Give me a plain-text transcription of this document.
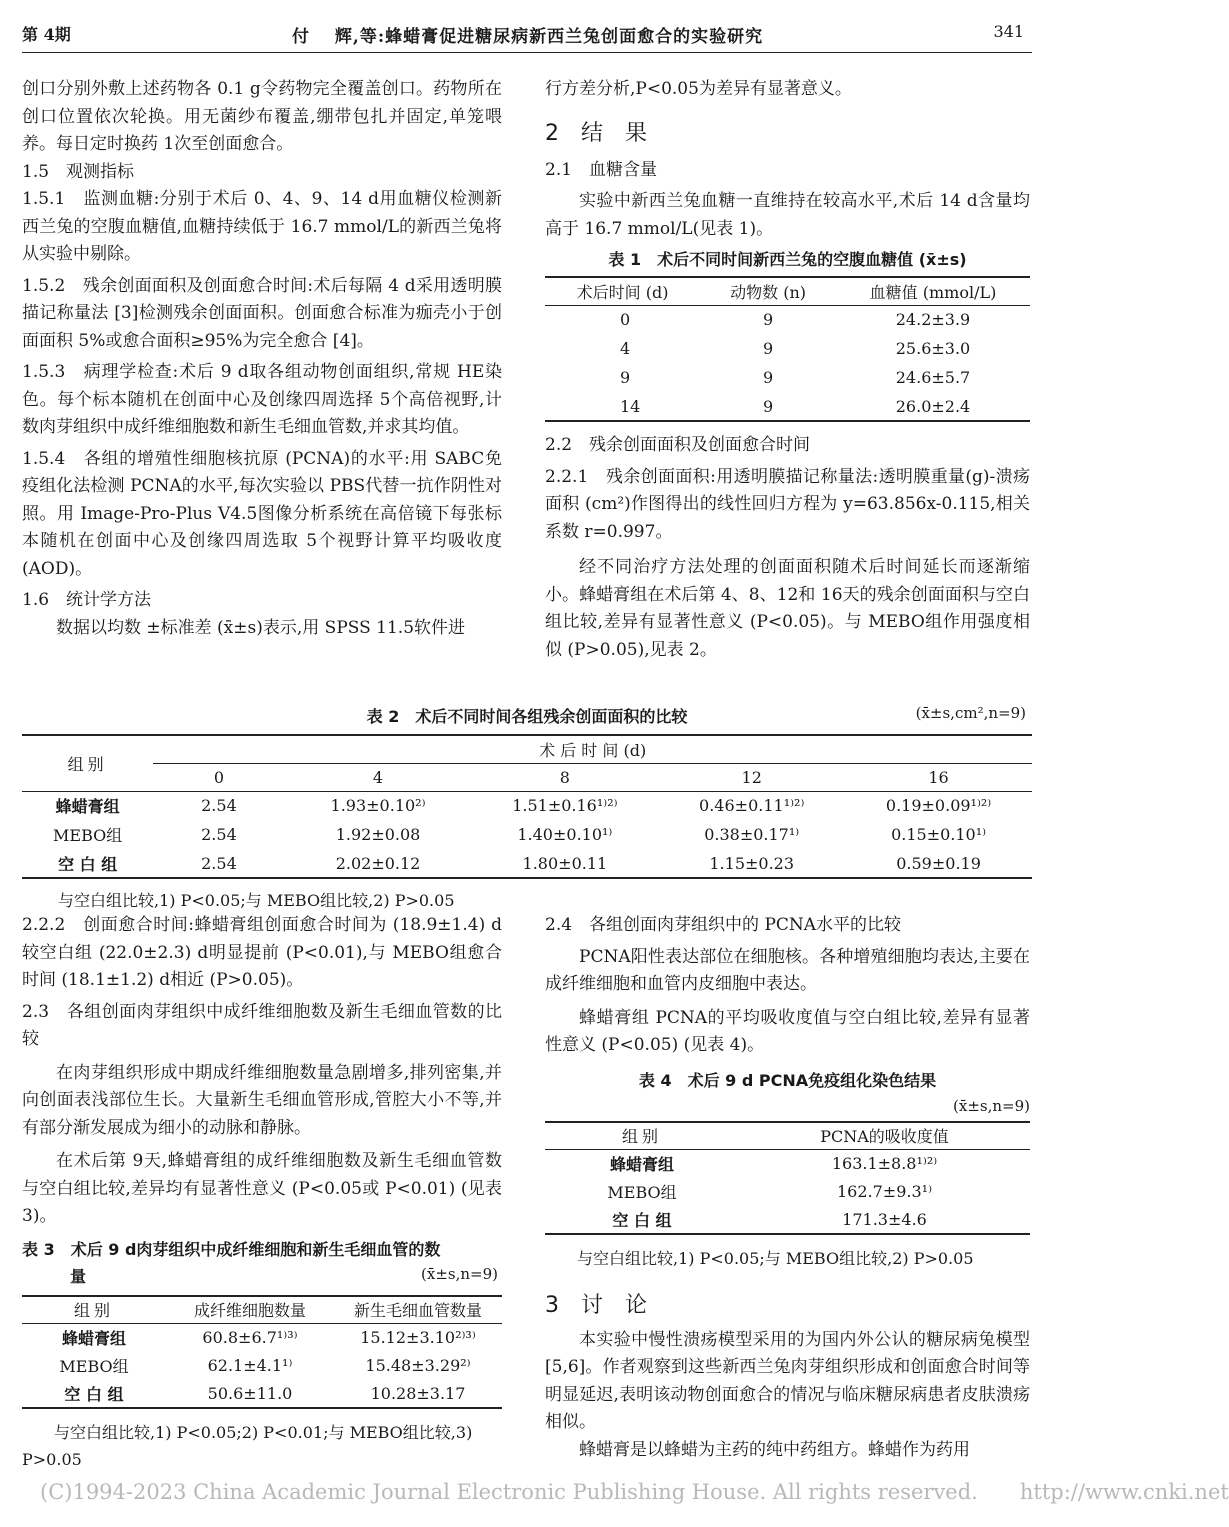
第 4期	付 　辉,等:蜂蜡膏促进糖尿病新西兰兔创面愈合的实验研究	341

创口分别外敷上述药物各 0.1 g令药物完全覆盖创口。药物所在创口位置依次轮换。用无菌纱布覆盖,绷带包扎并固定,单笼喂养。每日定时换药 1次至创面愈合。

1.5　观测指标

1.5.1　监测血糖:分别于术后 0、4、9、14 d用血糖仪检测新西兰兔的空腹血糖值,血糖持续低于 16.7 mmol/L的新西兰兔将从实验中剔除。

1.5.2　残余创面面积及创面愈合时间:术后每隔 4 d采用透明膜描记称量法 [3]检测残余创面面积。创面愈合标准为痂壳小于创面面积 5%或愈合面积≥95%为完全愈合 [4]。

1.5.3　病理学检查:术后 9 d取各组动物创面组织,常规 HE染色。每个标本随机在创面中心及创缘四周选择 5个高倍视野,计数肉芽组织中成纤维细胞数和新生毛细血管数,并求其均值。

1.5.4　各组的增殖性细胞核抗原 (PCNA)的水平:用 SABC免疫组化法检测 PCNA的水平,每次实验以 PBS代替一抗作阴性对照。用 Image-Pro-Plus V4.5图像分析系统在高倍镜下每张标本随机在创面中心及创缘四周选取 5个视野计算平均吸收度(AOD)。

1.6　统计学方法

数据以均数 ±标准差 (x̄±s)表示,用 SPSS 11.5软件进

行方差分析,P<0.05为差异有显著意义。

2　结　果

2.1　血糖含量

实验中新西兰兔血糖一直维持在较高水平,术后 14 d含量均高于 16.7 mmol/L(见表 1)。

表 1　术后不同时间新西兰兔的空腹血糖值 (x̄±s)

术后时间 (d)	动物数 (n)	血糖值 (mmol/L)
0	9	24.2±3.9
4	9	25.6±3.0
9	9	24.6±5.7
14	9	26.0±2.4

2.2　残余创面面积及创面愈合时间

2.2.1　残余创面面积:用透明膜描记称量法:透明膜重量(g)-溃疡面积 (cm²)作图得出的线性回归方程为 y=63.856x-0.115,相关系数 r=0.997。

经不同治疗方法处理的创面面积随术后时间延长而逐渐缩小。蜂蜡膏组在术后第 4、8、12和 16天的残余创面面积与空白组比较,差异有显著性意义 (P<0.05)。与 MEBO组作用强度相似 (P>0.05),见表 2。

表 2　术后不同时间各组残余创面面积的比较	(x̄±s,cm²,n=9)

组别	术 后 时 间 (d)				
	0	4	8	12	16
蜂蜡膏组	2.54	1.93±0.10²⁾	1.51±0.16¹⁾²⁾	0.46±0.11¹⁾²⁾	0.19±0.09¹⁾²⁾
MEBO组	2.54	1.92±0.08	1.40±0.10¹⁾	0.38±0.17¹⁾	0.15±0.10¹⁾
空 白 组	2.54	2.02±0.12	1.80±0.11	1.15±0.23	0.59±0.19

与空白组比较,1) P<0.05;与 MEBO组比较,2) P>0.05

2.2.2　创面愈合时间:蜂蜡膏组创面愈合时间为 (18.9±1.4) d较空白组 (22.0±2.3) d明显提前 (P<0.01),与 MEBO组愈合时间 (18.1±1.2) d相近 (P>0.05)。

2.3　各组创面肉芽组织中成纤维细胞数及新生毛细血管数的比较

在肉芽组织形成中期成纤维细胞数量急剧增多,排列密集,并向创面表浅部位生长。大量新生毛细血管形成,管腔大小不等,并有部分渐发展成为细小的动脉和静脉。

在术后第 9天,蜂蜡膏组的成纤维细胞数及新生毛细血管数与空白组比较,差异均有显著性意义 (P<0.05或 P<0.01) (见表 3)。

表 3　术后 9 d肉芽组织中成纤维细胞和新生毛细血管的数

量	(x̄±s,n=9)

组别	成纤维细胞数量	新生毛细血管数量
蜂蜡膏组	60.8±6.7¹⁾³⁾	15.12±3.10²⁾³⁾
MEBO组	62.1±4.1¹⁾	15.48±3.29²⁾
空 白 组	50.6±11.0	10.28±3.17

与空白组比较,1) P<0.05;2) P<0.01;与 MEBO组比较,3) P>0.05

2.4　各组创面肉芽组织中的 PCNA水平的比较

PCNA阳性表达部位在细胞核。各种增殖细胞均表达,主要在成纤维细胞和血管内皮细胞中表达。

蜂蜡膏组 PCNA的平均吸收度值与空白组比较,差异有显著性意义 (P<0.05) (见表 4)。

表 4　术后 9 d PCNA免疫组化染色结果

(x̄±s,n=9)

组别	PCNA的吸收度值
蜂蜡膏组	163.1±8.8¹⁾²⁾
MEBO组	162.7±9.3¹⁾
空 白 组	171.3±4.6

与空白组比较,1) P<0.05;与 MEBO组比较,2) P>0.05

3　讨　论

本实验中慢性溃疡模型采用的为国内外公认的糖尿病兔模型 [5,6]。作者观察到这些新西兰兔肉芽组织形成和创面愈合时间等明显延迟,表明该动物创面愈合的情况与临床糖尿病患者皮肤溃疡相似。

蜂蜡膏是以蜂蜡为主药的纯中药组方。蜂蜡作为药用

(C)1994-2023 China Academic Journal Electronic Publishing House. All rights reserved.　　http://www.cnki.net
